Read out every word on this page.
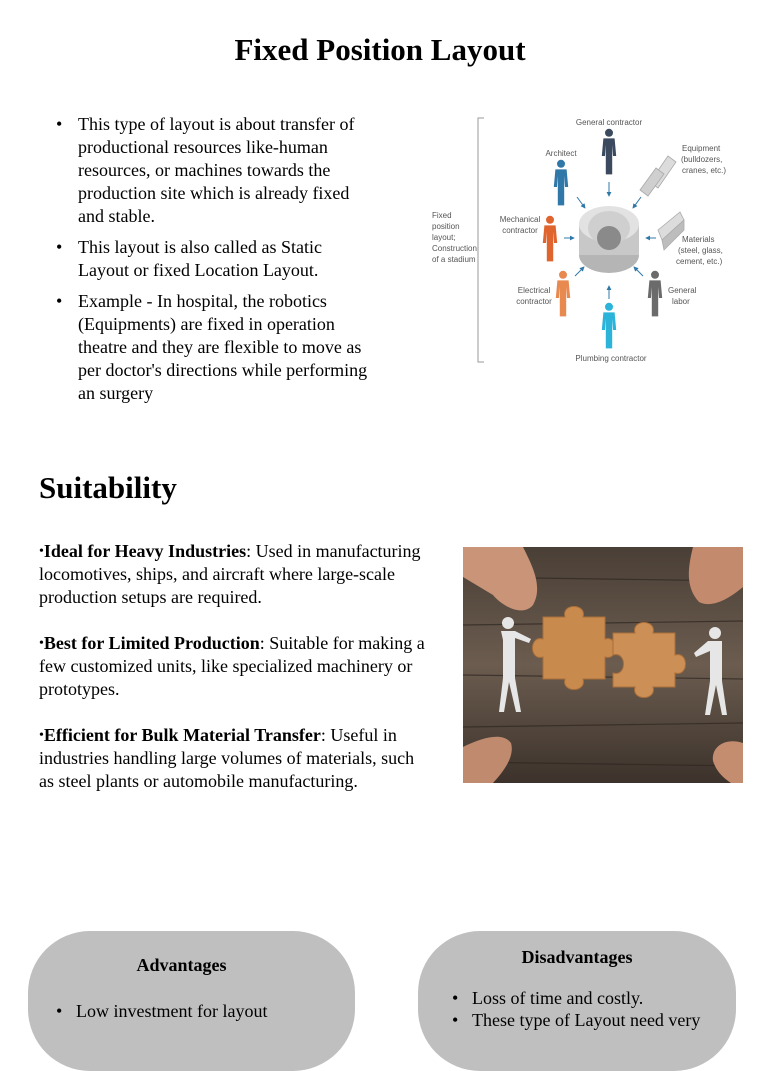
Fixed Position Layout
• This type of layout is about transfer of productional resources like-human resources, or machines towards the production site which is already fixed and stable.
• This layout is also called as Static Layout or fixed Location Layout.
• Example - In hospital, the robotics (Equipments) are fixed in operation theatre and they are flexible to move as per doctor's directions while performing an surgery
Fixed
position
layout;
Construction
of a stadium
General contractor
Architect
Equipment
(bulldozers,
cranes, etc.)
Mechanical
contractor
Materials
(steel, glass,
cement, etc.)
Electrical
contractor
General
labor
Plumbing contractor
Suitability

•Ideal for Heavy Industries: Used in manufacturing locomotives, ships, and aircraft where large-scale production setups are required.

•Best for Limited Production: Suitable for making a few customized units, like specialized machinery or prototypes.

•Efficient for Bulk Material Transfer: Useful in industries handling large volumes of materials, such as steel plants or automobile manufacturing.

Advantages

• Low investment for layout

Disadvantages

• Loss of time and costly.
• These type of Layout need very
